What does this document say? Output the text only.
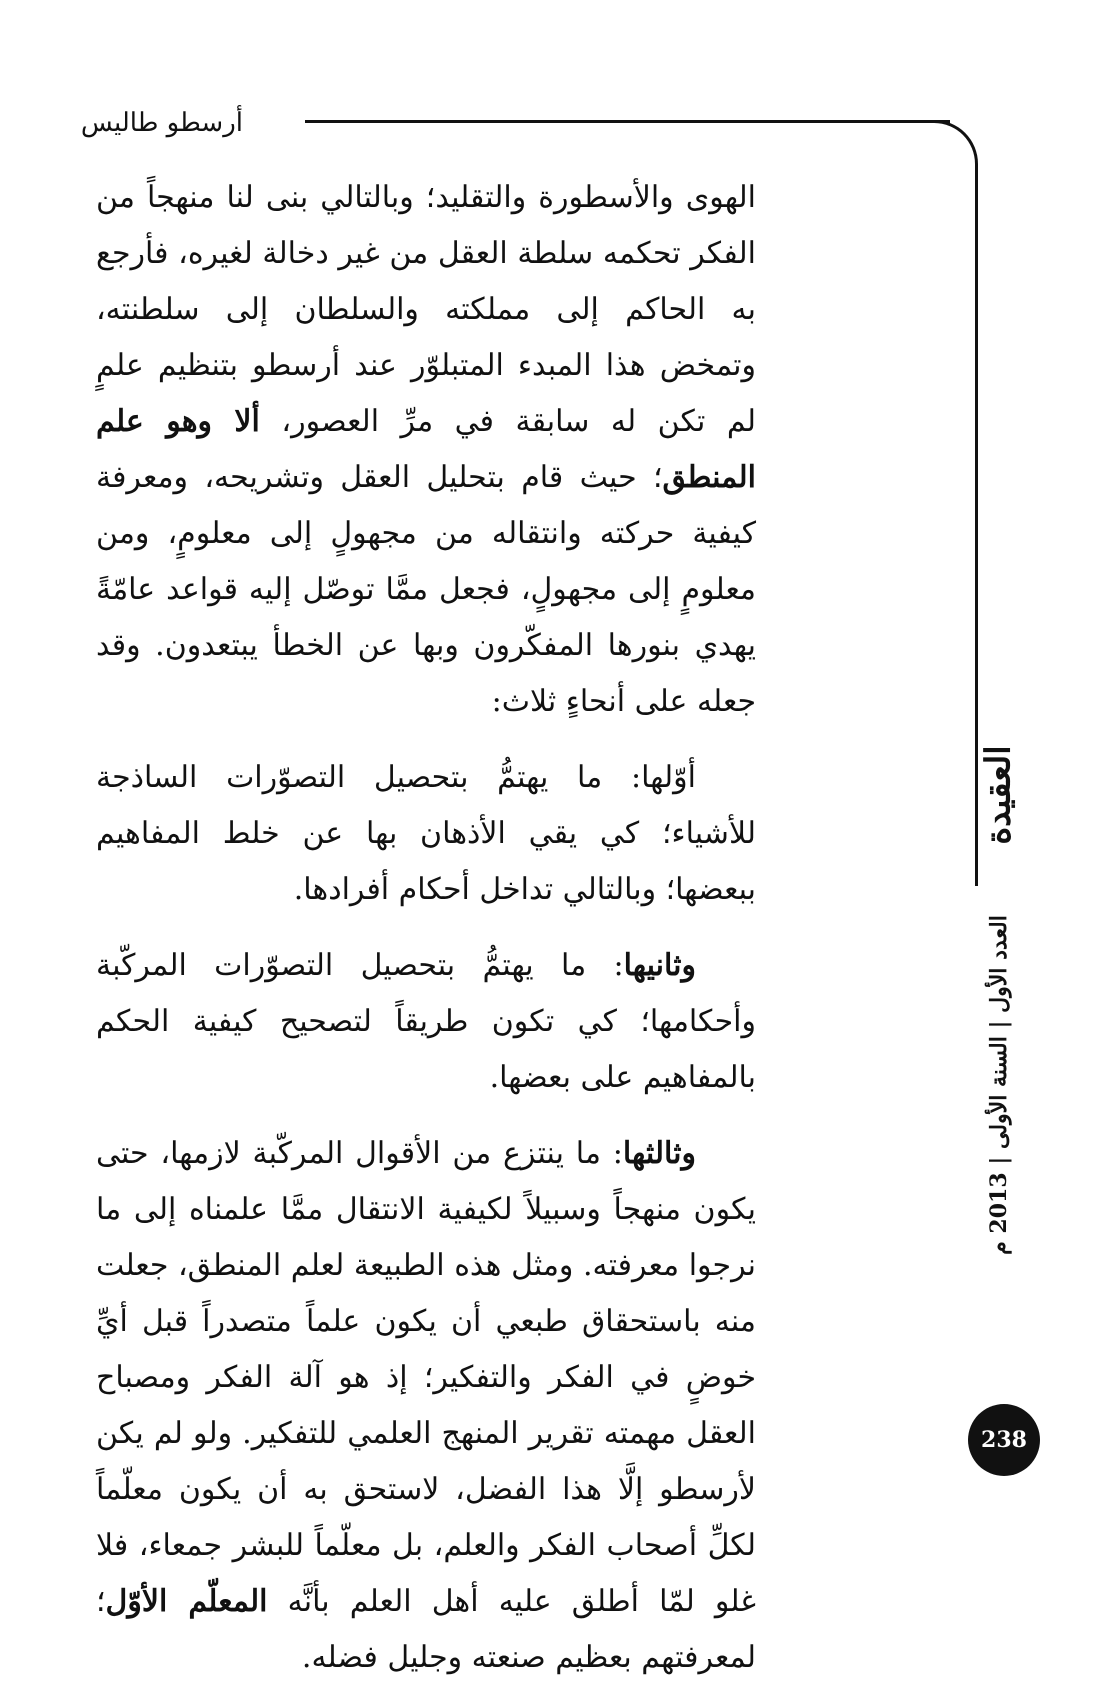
أرسطو طاليس

الهوى والأسطورة والتقليد؛ وبالتالي بنى لنا منهجاً من الفكر تحكمه سلطة العقل من غير دخالة لغيره، فأرجع به الحاكم إلى مملكته والسلطان إلى سلطنته، وتمخض هذا المبدء المتبلوّر عند أرسطو بتنظيم علمٍ لم تكن له سابقة في مرِّ العصور، ألا وهو علم المنطق؛ حيث قام بتحليل العقل وتشريحه، ومعرفة كيفية حركته وانتقاله من مجهولٍ إلى معلومٍ، ومن معلومٍ إلى مجهولٍ، فجعل ممَّا توصّل إليه قواعد عامّةً يهدي بنورها المفكّرون وبها عن الخطأ يبتعدون. وقد جعله على أنحاءٍ ثلاث:

أوّلها: ما يهتمُّ بتحصيل التصوّرات الساذجة للأشياء؛ كي يقي الأذهان بها عن خلط المفاهيم ببعضها؛ وبالتالي تداخل أحكام أفرادها.

وثانيها: ما يهتمُّ بتحصيل التصوّرات المركّبة وأحكامها؛ كي تكون طريقاً لتصحيح كيفية الحكم بالمفاهيم على بعضها.

وثالثها: ما ينتزع من الأقوال المركّبة لازمها، حتى يكون منهجاً وسبيلاً لكيفية الانتقال ممَّا علمناه إلى ما نرجوا معرفته. ومثل هذه الطبيعة لعلم المنطق، جعلت منه باستحقاق طبعي أن يكون علماً متصدراً قبل أيِّ خوضٍ في الفكر والتفكير؛ إذ هو آلة الفكر ومصباح العقل مهمته تقرير المنهج العلمي للتفكير. ولو لم يكن لأرسطو إلَّا هذا الفضل، لاستحق به أن يكون معلّماً لكلِّ أصحاب الفكر والعلم، بل معلّماً للبشر جمعاء، فلا غلو لمّا أطلق عليه أهل العلم بأنَّه المعلّم الأوّل؛ لمعرفتهم بعظيم صنعته وجليل فضله.

العقيدة
العدد الأول | السنة الأولى | 2013 م
238
